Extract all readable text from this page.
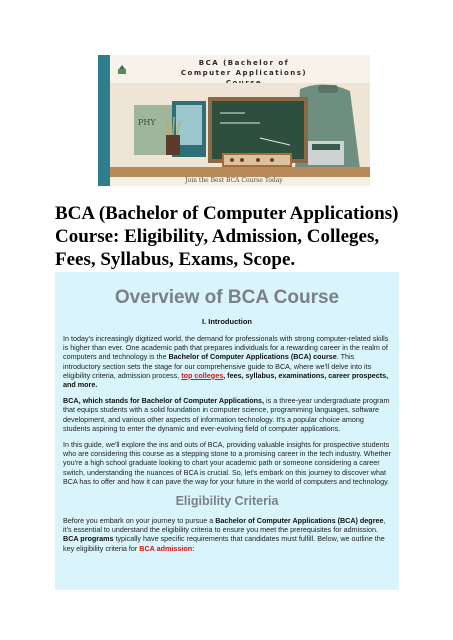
BCA (Bachelor of
Computer Applications)
PHY
Join the Best BCA Course Today
BCA (Bachelor of Computer Applications) Course: Eligibility, Admission, Colleges, Fees, Syllabus, Exams, Scope.
Overview of BCA Course
I. Introduction

In today's increasingly digitized world, the demand for professionals with strong computer-related skills is higher than ever. One academic path that prepares individuals for a rewarding career in the realm of computers and technology is the Bachelor of Computer Applications (BCA) course. This introductory section sets the stage for our comprehensive guide to BCA, where we'll delve into its eligibility criteria, admission process, top colleges, fees, syllabus, examinations, career prospects, and more.

BCA, which stands for Bachelor of Computer Applications, is a three-year undergraduate program that equips students with a solid foundation in computer science, programming languages, software development, and various other aspects of information technology. It's a popular choice among students aspiring to enter the dynamic and ever-evolving field of computer applications.

In this guide, we'll explore the ins and outs of BCA, providing valuable insights for prospective students who are considering this course as a stepping stone to a promising career in the tech industry. Whether you're a high school graduate looking to chart your academic path or someone considering a career switch, understanding the nuances of BCA is crucial. So, let's embark on this journey to discover what BCA has to offer and how it can pave the way for your future in the world of computers and technology.

Eligibility Criteria

Before you embark on your journey to pursue a Bachelor of Computer Applications (BCA) degree, it's essential to understand the eligibility criteria to ensure you meet the prerequisites for admission. BCA programs typically have specific requirements that candidates must fulfill. Below, we outline the key eligibility criteria for BCA admission:
